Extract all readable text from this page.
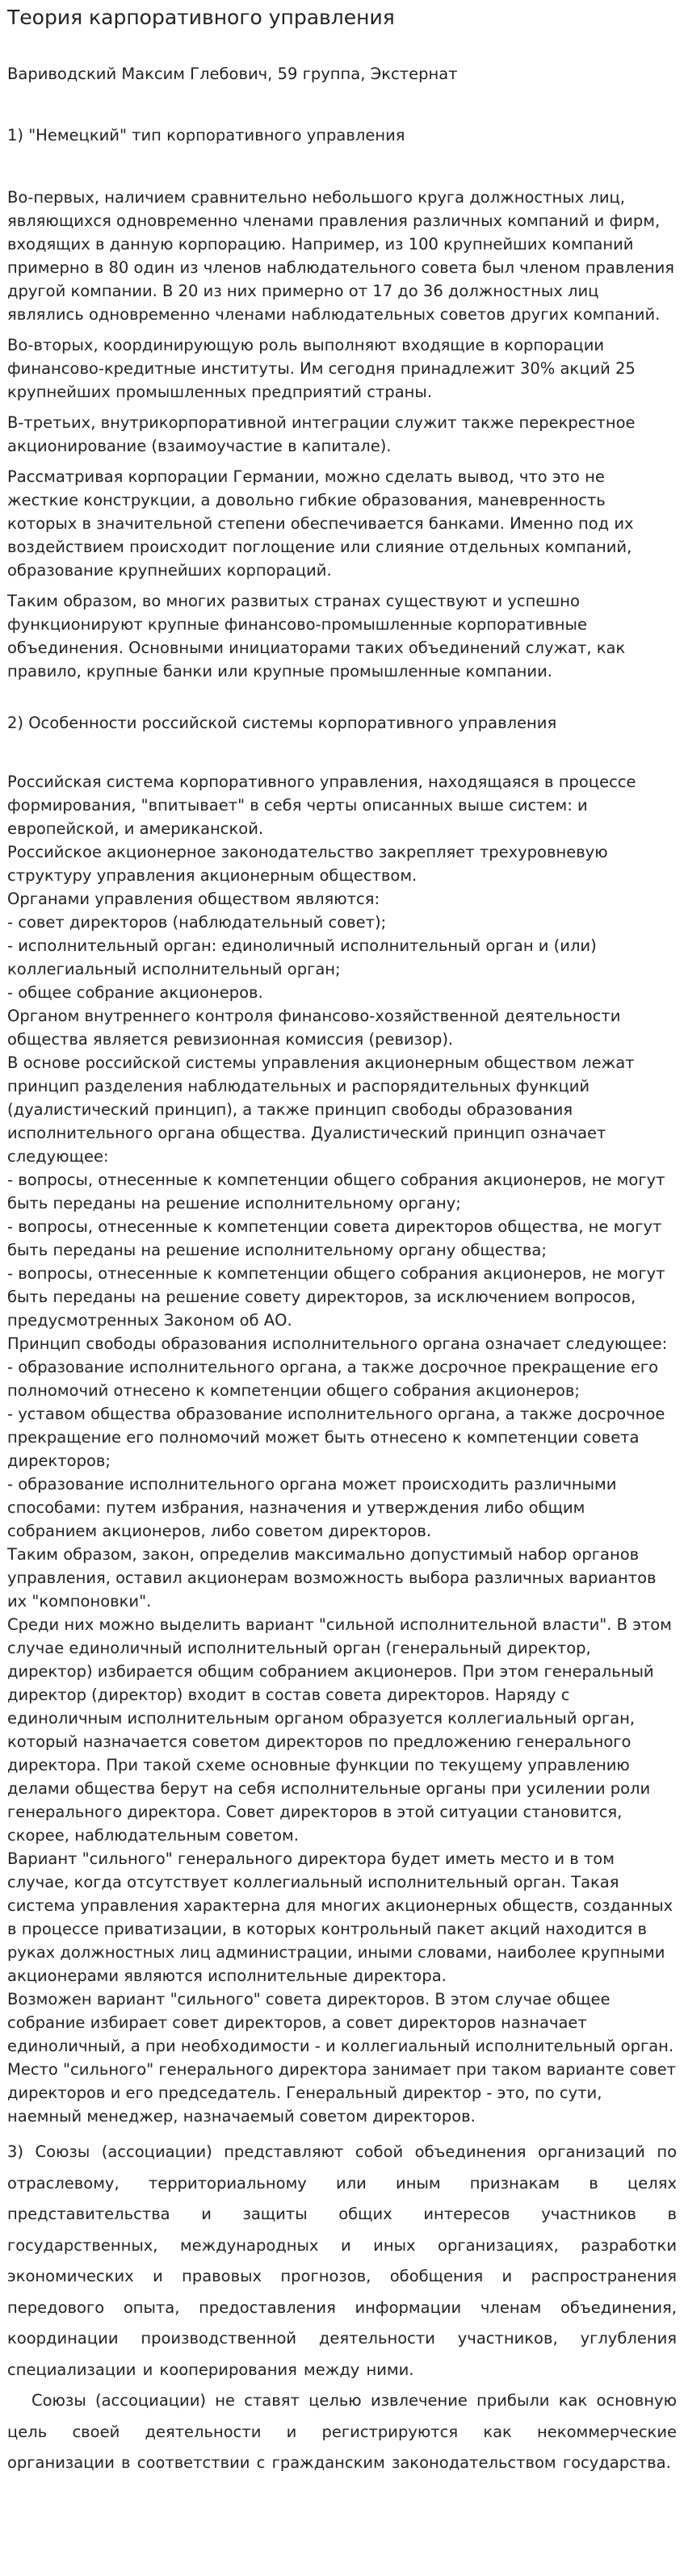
Теория карпоративного управления
Варивoдский Максим Глебович, 59 группа, Экстернат
1) "Немецкий" тип корпоративного управления

Во-первых, наличием сравнительно небольшого круга должностных лиц, являющихся одновременно членами правления различных компаний и фирм, входящих в данную корпорацию. Например, из 100 крупнейших компаний примерно в 80 один из членов наблюдательного совета был членом правления другой компании. В 20 из них примерно от 17 до 36 должностных лиц являлись одновременно членами наблюдательных советов других компаний.

Во-вторых, координирующую роль выполняют входящие в корпорации финансово-кредитные институты. Им сегодня принадлежит 30% акций 25 крупнейших промышленных предприятий страны.

В-третьих, внутрикорпоративной интеграции служит также перекрестное акционирование (взаимоучастие в капитале).

Рассматривая корпорации Германии, можно сделать вывод, что это не жесткие конструкции, а довольно гибкие образования, маневренность которых в значительной степени обеспечивается банками. Именно под их воздействием происходит поглощение или слияние отдельных компаний, образование крупнейших корпораций.

Таким образом, во многих развитых странах существуют и успешно функционируют крупные финансово-промышленные корпоративные объединения. Основными инициаторами таких объединений служат, как правило, крупные банки или крупные промышленные компании.

2) Особенности российской системы корпоративного управления

Российская система корпоративного управления, находящаяся в процессе формирования, "впитывает" в себя черты описанных выше систем: и европейской, и американской.

Российское акционерное законодательство закрепляет трехуровневую структуру управления акционерным обществом.

Органами управления обществом являются:

- совет директоров (наблюдательный совет);

- исполнительный орган: единоличный исполнительный орган и (или) коллегиальный исполнительный орган;

- общее собрание акционеров.

Органом внутреннего контроля финансово-хозяйственной деятельности общества является ревизионная комиссия (ревизор).

В основе российской системы управления акционерным обществом лежат принцип разделения наблюдательных и распорядительных функций (дуалистический принцип), а также принцип свободы образования исполнительного органа общества. Дуалистический принцип означает следующее:

- вопросы, отнесенные к компетенции общего собрания акционеров, не могут быть переданы на решение исполнительному органу;

- вопросы, отнесенные к компетенции совета директоров общества, не могут быть переданы на решение исполнительному органу общества;

- вопросы, отнесенные к компетенции общего собрания акционеров, не могут быть переданы на решение совету директоров, за исключением вопросов, предусмотренных Законом об АО.

Принцип свободы образования исполнительного органа означает следующее:

- образование исполнительного органа, а также досрочное прекращение его полномочий отнесено к компетенции общего собрания акционеров;

- уставом общества образование исполнительного органа, а также досрочное прекращение его полномочий может быть отнесено к компетенции совета директоров;

- образование исполнительного органа может происходить различными способами: путем избрания, назначения и утверждения либо общим собранием акционеров, либо советом директоров.

Таким образом, закон, определив максимально допустимый набор органов управления, оставил акционерам возможность выбора различных вариантов их "компоновки".

Среди них можно выделить вариант "сильной исполнительной власти". В этом случае единоличный исполнительный орган (генеральный директор, директор) избирается общим собранием акционеров. При этом генеральный директор (директор) входит в состав совета директоров. Наряду с единоличным исполнительным органом образуется коллегиальный орган, который назначается советом директоров по предложению генерального директора. При такой схеме основные функции по текущему управлению делами общества берут на себя исполнительные органы при усилении роли генерального директора. Совет директоров в этой ситуации становится, скорее, наблюдательным советом.

Вариант "сильного" генерального директора будет иметь место и в том случае, когда отсутствует коллегиальный исполнительный орган. Такая система управления характерна для многих акционерных обществ, созданных в процессе приватизации, в которых контрольный пакет акций находится в руках должностных лиц администрации, иными словами, наиболее крупными акционерами являются исполнительные директора.

Возможен вариант "сильного" совета директоров. В этом случае общее собрание избирает совет директоров, а совет директоров назначает единоличный, а при необходимости - и коллегиальный исполнительный орган. Место "сильного" генерального директора занимает при таком варианте совет директоров и его председатель. Генеральный директор - это, по сути, наемный менеджер, назначаемый советом директоров.

3) Союзы (ассоциации) представляют собой объединения организаций по отраслевому, территориальному или иным признакам в целях представительства и защиты общих интересов участников в государственных, международных и иных организациях, разработки экономических и правовых прогнозов, обобщения и распространения передового опыта, предоставления информации членам объединения, координации производственной деятельности участников, углубления специализации и кооперирования между ними.

Союзы (ассоциации) не ставят целью извлечение прибыли как основную цель своей деятельности и регистрируются как некоммерческие организации в соответствии с гражданским законодательством государства.
